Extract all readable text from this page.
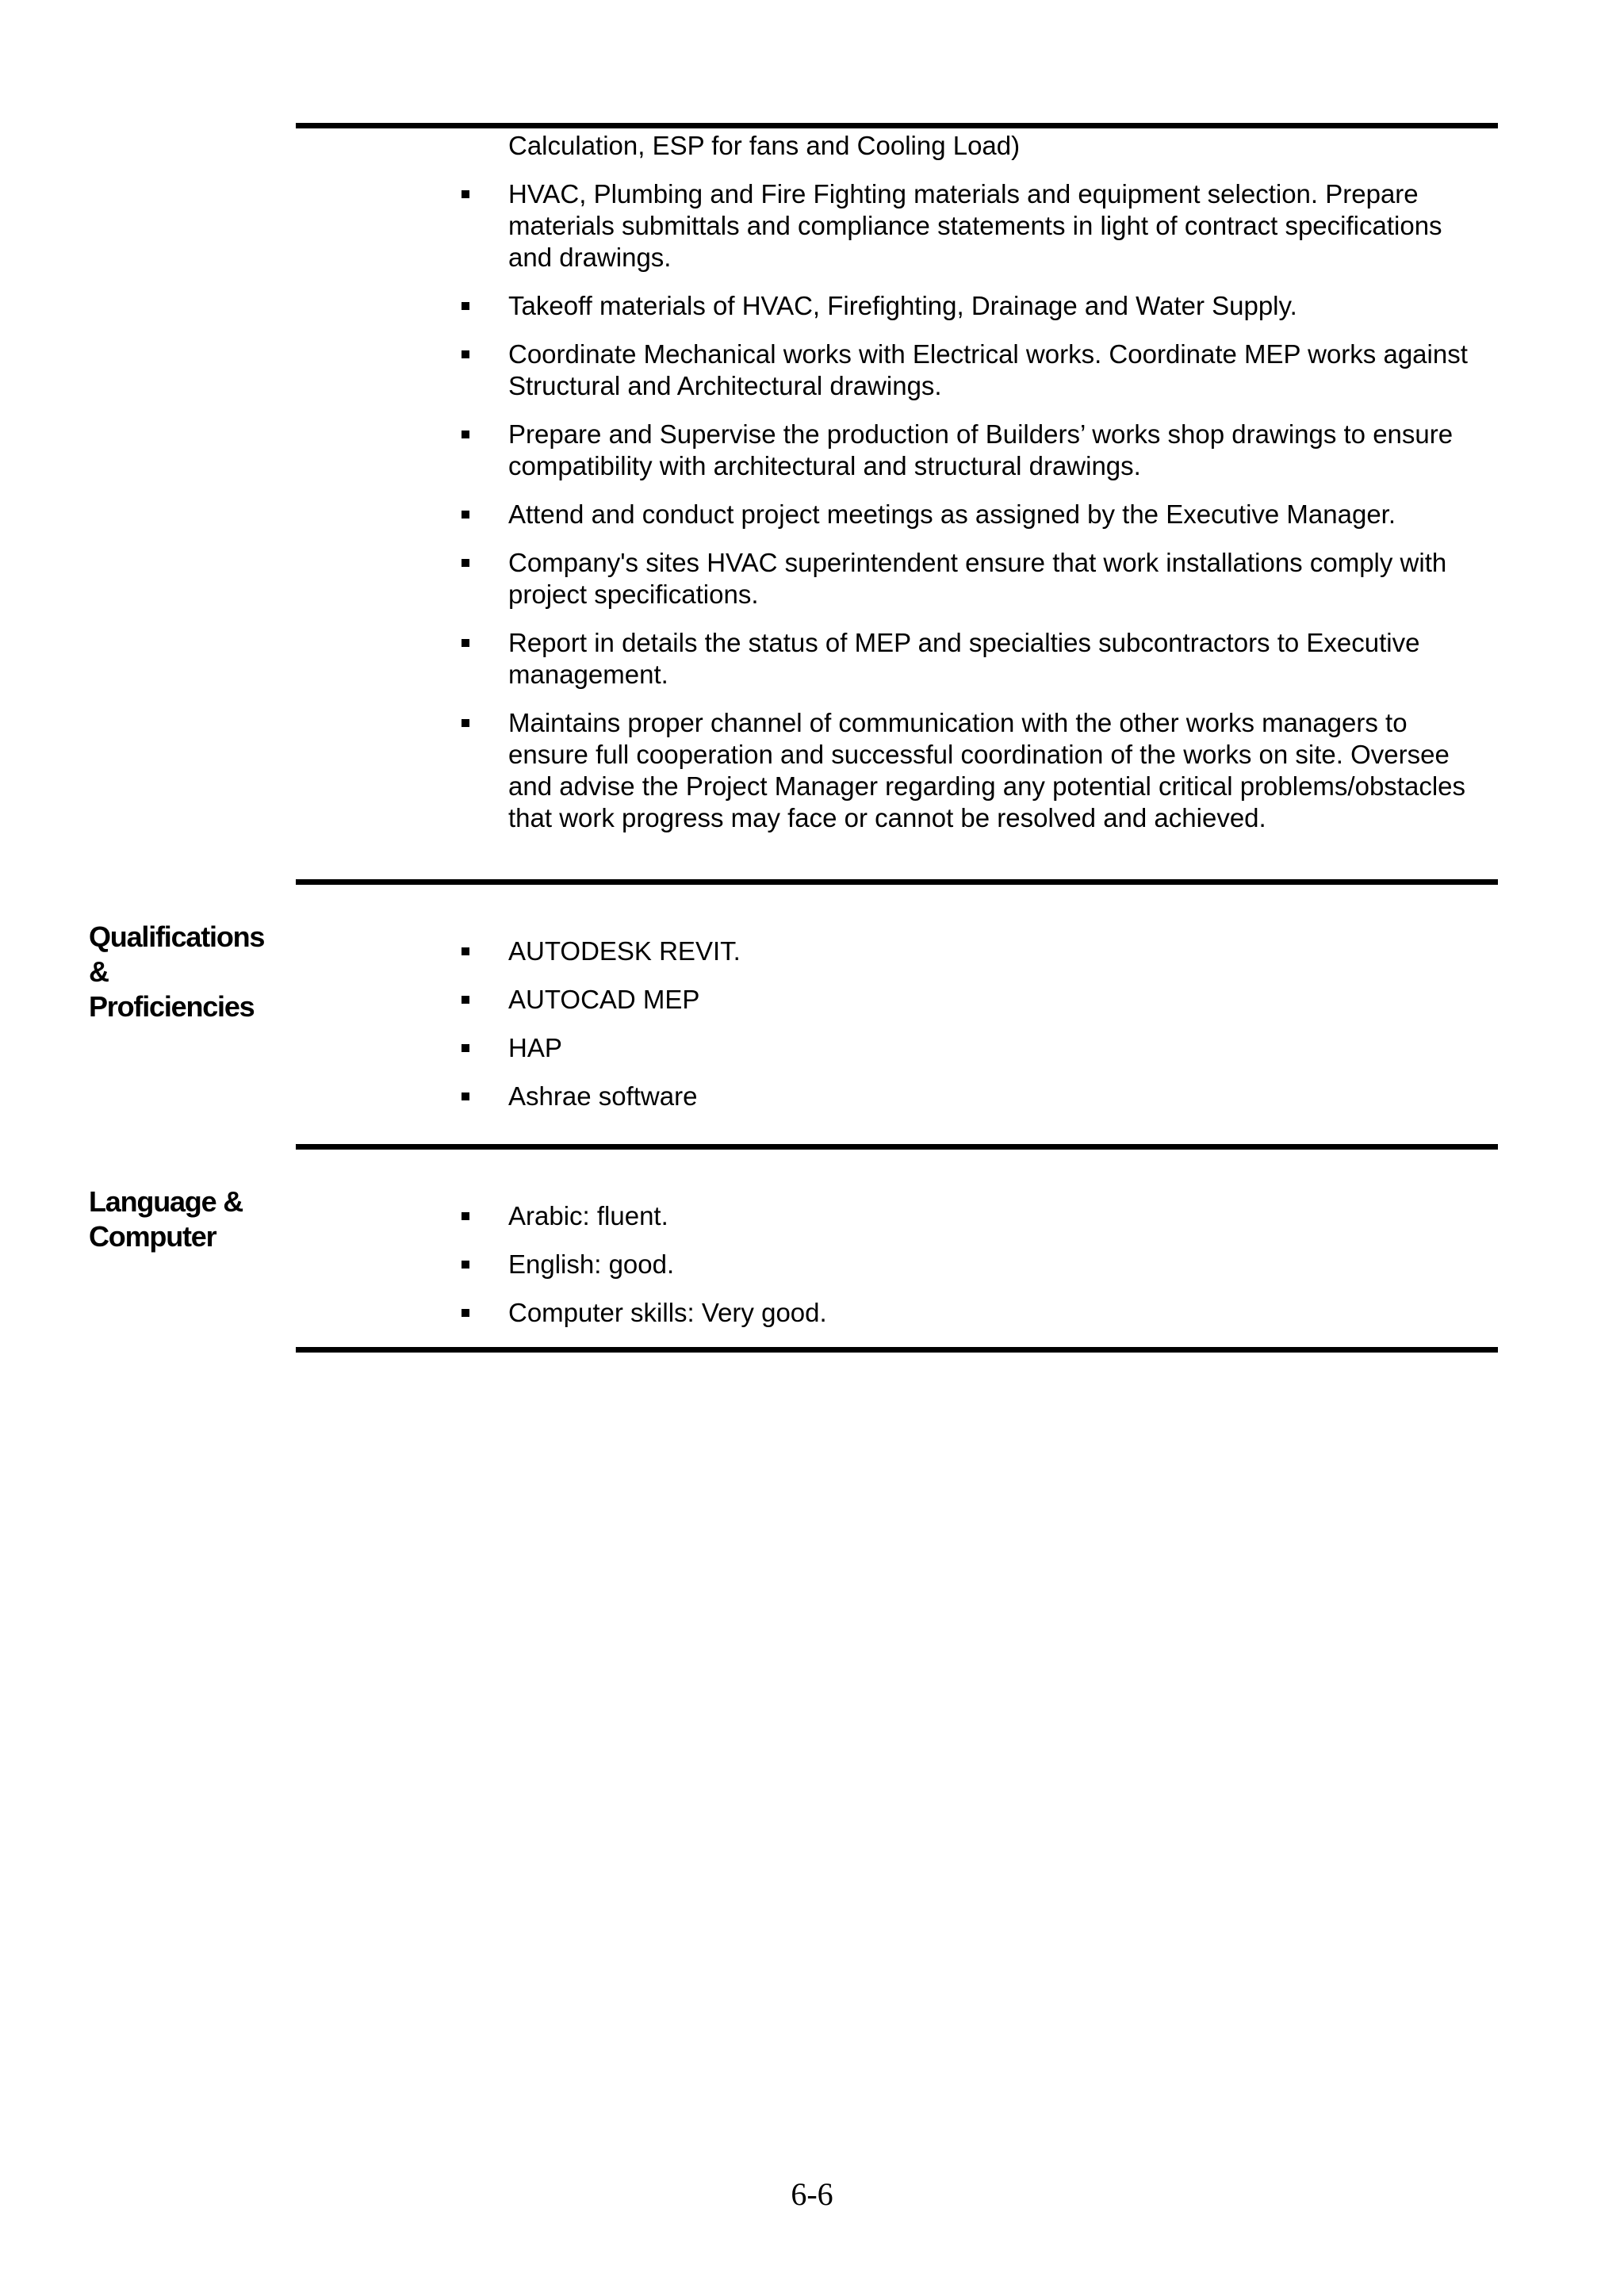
Calculation, ESP for fans and Cooling Load)

HVAC, Plumbing and Fire Fighting materials and equipment selection. Prepare materials submittals and compliance statements in light of contract specifications and drawings.
Takeoff materials of HVAC, Firefighting, Drainage and Water Supply.
Coordinate Mechanical works with Electrical works. Coordinate MEP works against Structural and Architectural drawings.
Prepare and Supervise the production of Builders’ works shop drawings to ensure compatibility with architectural and structural drawings.
Attend and conduct project meetings as assigned by the Executive Manager.
Company's sites HVAC superintendent ensure that work installations comply with project specifications.
Report in details the status of MEP and specialties subcontractors to Executive management.
Maintains proper channel of communication with the other works managers to ensure full cooperation and successful coordination of the works on site. Oversee and advise the Project Manager regarding any potential critical problems/obstacles that work progress may face or cannot be resolved and achieved.
Qualifications
&
Proficiencies
AUTODESK REVIT.
AUTOCAD MEP
HAP
Ashrae software
Language &
Computer
Arabic: fluent.
English: good.
Computer skills: Very good.
6-6
